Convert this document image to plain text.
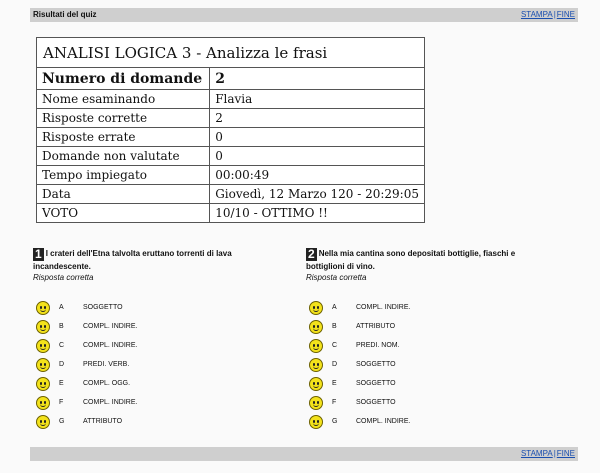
Risultati del quiz	STAMPA|FINE
ANALISI LOGICA 3 - Analizza le frasi	
Numero di domande	2
Nome esaminando	Flavia
Risposte corrette	2
Risposte errate	0
Domande non valutate	0
Tempo impiegato	00:00:49
Data	Giovedì, 12 Marzo 120 - 20:29:05
VOTO	10/10 - OTTIMO !!
1 I crateri dell'Etna talvolta eruttano torrenti di lava incandescente.
Risposta corretta
A	SOGGETTO
B	COMPL. INDIRE.
C	COMPL. INDIRE.
D	PREDI. VERB.
E	COMPL. OGG.
F	COMPL. INDIRE.
G	ATTRIBUTO
2 Nella mia cantina sono depositati bottiglie, fiaschi e bottiglioni di vino.
Risposta corretta
A	COMPL. INDIRE.
B	ATTRIBUTO
C	PREDI. NOM.
D	SOGGETTO
E	SOGGETTO
F	SOGGETTO
G	COMPL. INDIRE.
STAMPA|FINE
